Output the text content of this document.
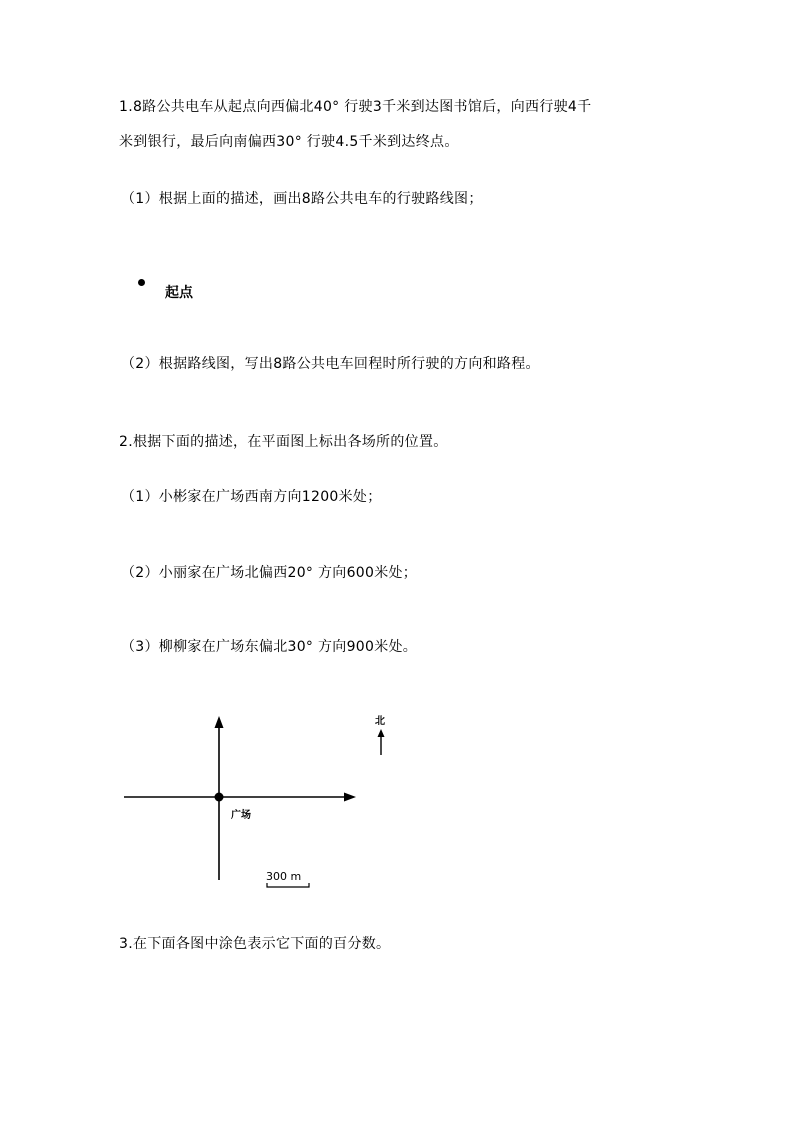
1.8路公共电车从起点向西偏北40° 行驶3千米到达图书馆后，向西行驶4千
米到银行，最后向南偏西30° 行驶4.5千米到达终点。
（1）根据上面的描述，画出8路公共电车的行驶路线图；
起点
（2）根据路线图，写出8路公共电车回程时所行驶的方向和路程。
2.根据下面的描述，在平面图上标出各场所的位置。
（1）小彬家在广场西南方向1200米处；
（2）小丽家在广场北偏西20° 方向600米处；
（3）柳柳家在广场东偏北30° 方向900米处。
广场
北
300 m
3.在下面各图中涂色表示它下面的百分数。
